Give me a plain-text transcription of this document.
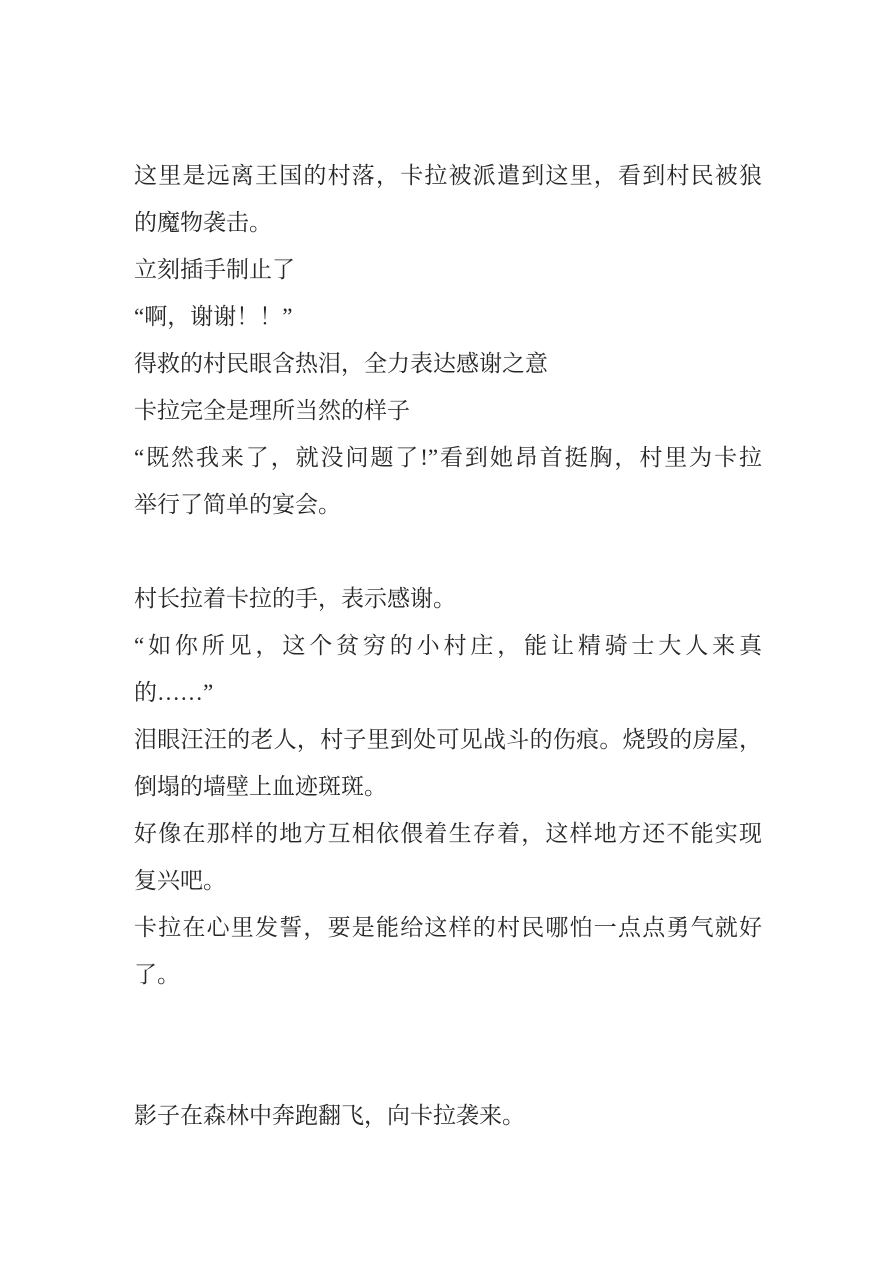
这里是远离王国的村落，卡拉被派遣到这里，看到村民被狼
的魔物袭击。
立刻插手制止了
“啊，谢谢！！”
得救的村民眼含热泪，全力表达感谢之意
卡拉完全是理所当然的样子
“既然我来了，就没问题了!”看到她昂首挺胸，村里为卡拉
举行了简单的宴会。

村长拉着卡拉的手，表示感谢。
“如你所见，这个贫穷的小村庄，能让精骑士大人来真
的……”
泪眼汪汪的老人，村子里到处可见战斗的伤痕。烧毁的房屋，
倒塌的墙壁上血迹斑斑。
好像在那样的地方互相依偎着生存着，这样地方还不能实现
复兴吧。
卡拉在心里发誓，要是能给这样的村民哪怕一点点勇气就好
了。

影子在森林中奔跑翻飞，向卡拉袭来。
